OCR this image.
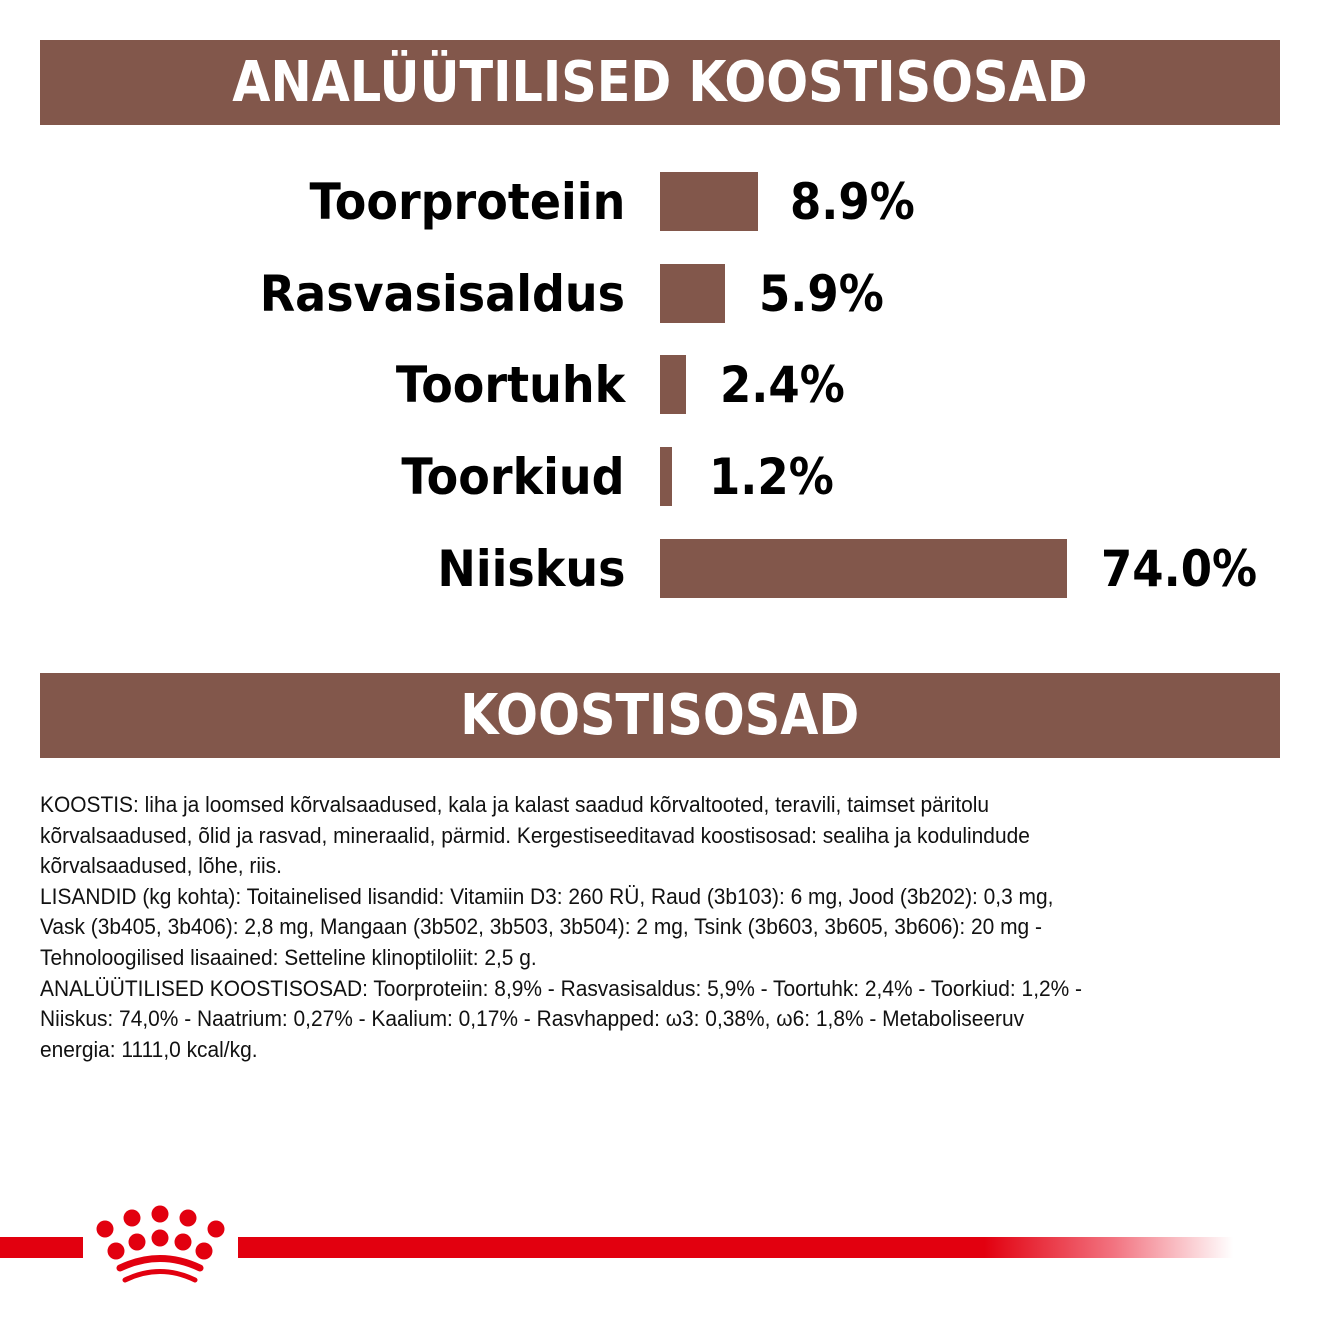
ANALÜÜTILISED KOOSTISOSAD
Toorproteiin	8.9%
Rasvasisaldus	5.9%
Toortuhk 2.4%
Toorkiud 1.2%
Niiskus	74.0%
KOOSTISOSAD

KOOSTIS: liha ja loomsed kõrvalsaadused, kala ja kalast saadud kõrvaltooted, teravili, taimset päritolu

kõrvalsaadused, õlid ja rasvad, mineraalid, pärmid. Kergestiseeditavad koostisosad: sealiha ja kodulindude

kõrvalsaadused, lõhe, riis.

LISANDID (kg kohta): Toitainelised lisandid: Vitamiin D3: 260 RÜ, Raud (3b103): 6 mg, Jood (3b202): 0,3 mg,

Vask (3b405, 3b406): 2,8 mg, Mangaan (3b502, 3b503, 3b504): 2 mg, Tsink (3b603, 3b605, 3b606): 20 mg -

Tehnoloogilised lisaained: Setteline klinoptiloliit: 2,5 g.

ANALÜÜTILISED KOOSTISOSAD: Toorproteiin: 8,9% - Rasvasisaldus: 5,9% - Toortuhk: 2,4% - Toorkiud: 1,2% -

Niiskus: 74,0% - Naatrium: 0,27% - Kaalium: 0,17% - Rasvhapped: ω3: 0,38%, ω6: 1,8% - Metaboliseeruv

energia: 1111,0 kcal/kg.
